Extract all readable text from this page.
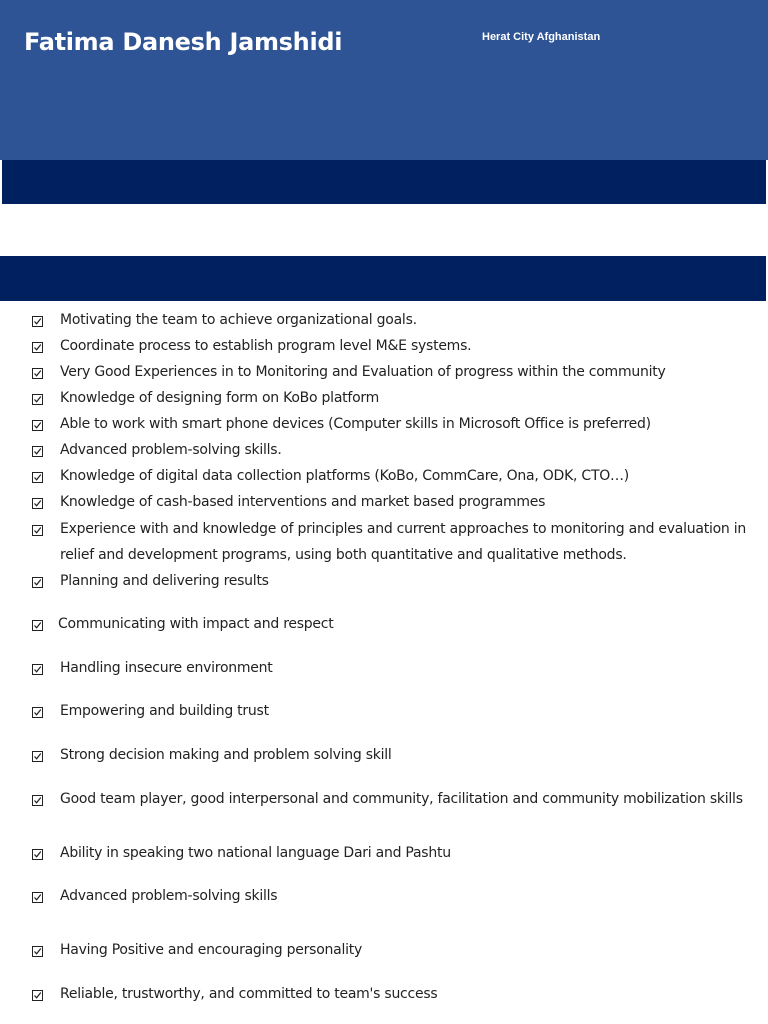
Fatima Danesh Jamshidi	Herat City Afghanistan
Motivating the team to achieve organizational goals.
Coordinate process to establish program level M&E systems.
Very Good Experiences in to Monitoring and Evaluation of progress within the community
Knowledge of designing form on KoBo platform
Able to work with smart phone devices (Computer skills in Microsoft Office is preferred)
Advanced problem-solving skills.
Knowledge of digital data collection platforms (KoBo, CommCare, Ona, ODK, CTO…)
Knowledge of cash-based interventions and market based programmes
Experience with and knowledge of principles and current approaches to monitoring and evaluation in relief and development programs, using both quantitative and qualitative methods.
Planning and delivering results
Communicating with impact and respect
Handling insecure environment
Empowering and building trust
Strong decision making and problem solving skill
Good team player, good interpersonal and community, facilitation and community mobilization skills
Ability in speaking two national language Dari and Pashtu
Advanced problem-solving skills
Having Positive and encouraging personality
Reliable, trustworthy, and committed to team's success
